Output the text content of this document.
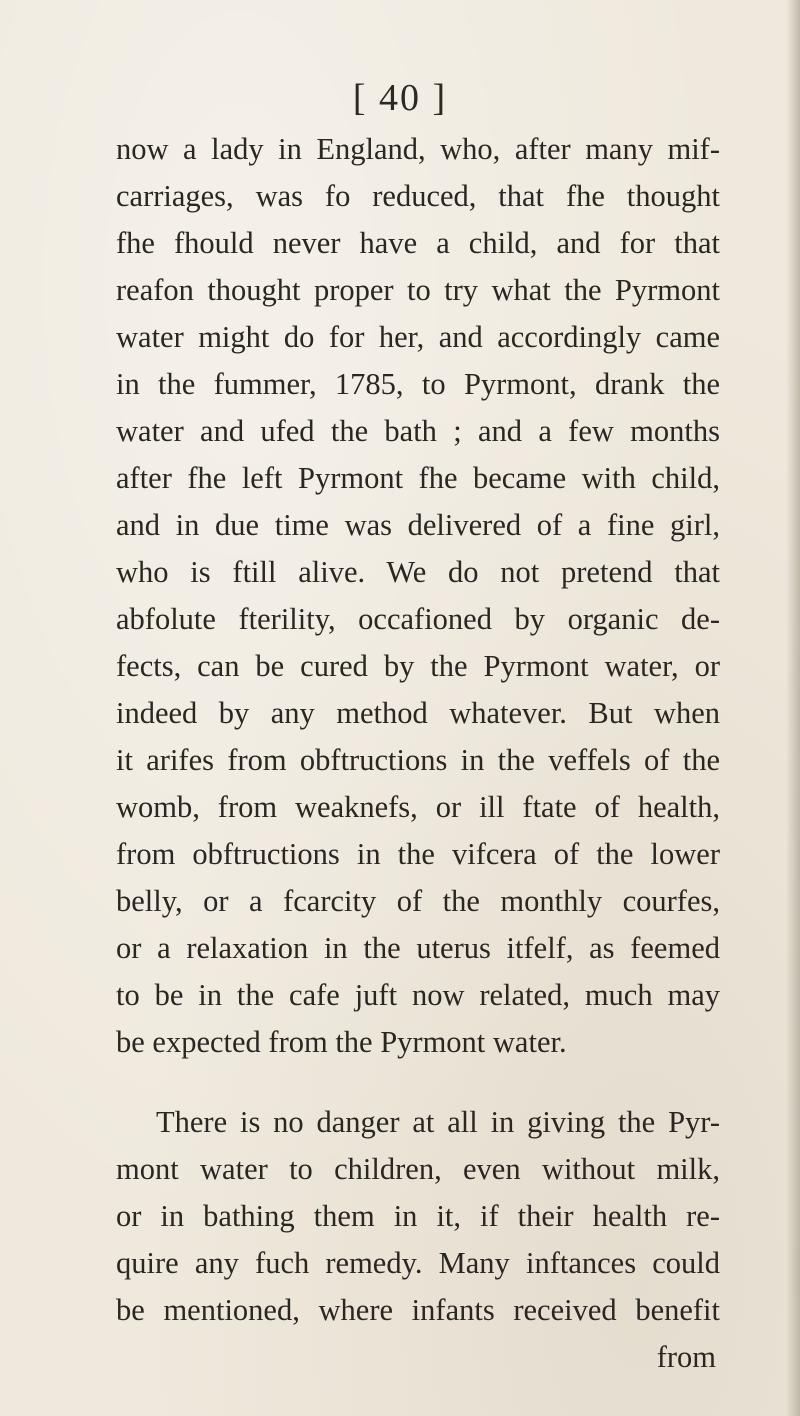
[ 40 ]
now a lady in England, who, after many mif-
carriages, was fo reduced, that fhe thought
fhe fhould never have a child, and for that
reafon thought proper to try what the Pyrmont
water might do for her, and accordingly came
in the fummer, 1785, to Pyrmont, drank the
water and ufed the bath ; and a few months
after fhe left Pyrmont fhe became with child,
and in due time was delivered of a fine girl,
who is ftill alive. We do not pretend that
abfolute fterility, occafioned by organic de-
fects, can be cured by the Pyrmont water, or
indeed by any method whatever. But when
it arifes from obftructions in the veffels of the
womb, from weaknefs, or ill ftate of health,
from obftructions in the vifcera of the lower
belly, or a fcarcity of the monthly courfes,
or a relaxation in the uterus itfelf, as feemed
to be in the cafe juft now related, much may
be expected from the Pyrmont water.
There is no danger at all in giving the Pyr-
mont water to children, even without milk,
or in bathing them in it, if their health re-
quire any fuch remedy. Many inftances could
be mentioned, where infants received benefit
from
